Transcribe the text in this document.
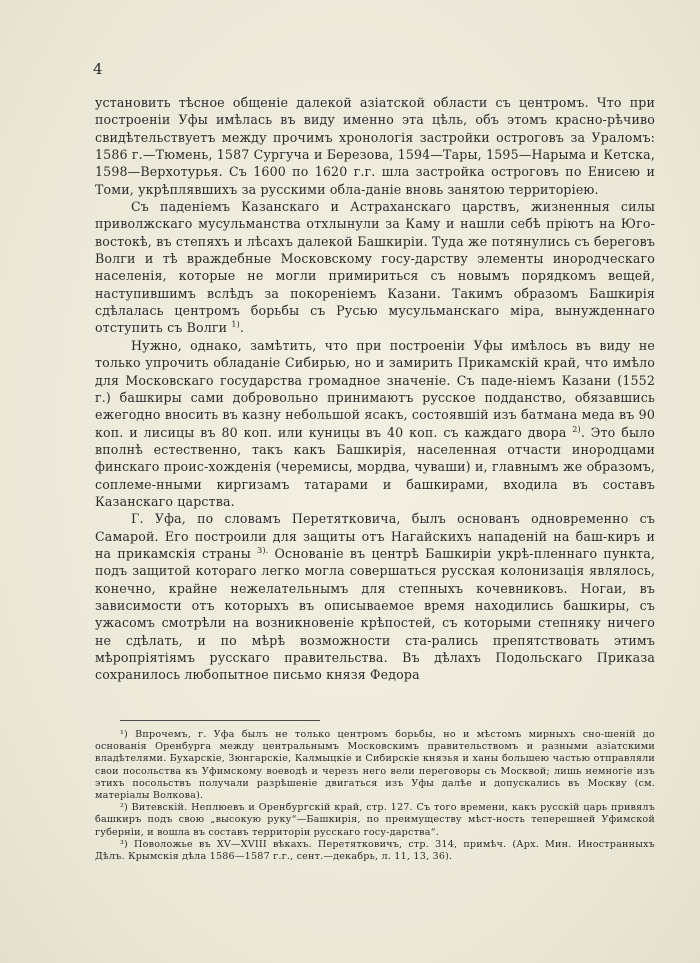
4

установить тѣсное общенiе далекой азiатской области съ центромъ. Что при построенiи Уфы имѣлась въ виду именно эта цѣль, объ этомъ красно-рѣчиво свидѣтельствуетъ между прочимъ хронологiя застройки остроговъ за Ураломъ: 1586 г.—Тюмень, 1587 Сургуча и Березова, 1594—Тары, 1595—Нарыма и Кетска, 1598—Верхотурья. Съ 1600 по 1620 г.г. шла застройка остроговъ по Енисею и Томи, укрѣплявшихъ за русскими обла-данiе вновь занятою территорiею.

Съ паденiемъ Казанскаго и Астраханскаго царствъ, жизненныя силы приволжскаго мусульманства отхлынули за Каму и нашли себѣ прiютъ на Юго-востокѣ, въ степяхъ и лѣсахъ далекой Башкирiи. Туда же потянулись съ береговъ Волги и тѣ враждебные Московскому госу-дарству элементы инородческаго населенiя, которые не могли примириться съ новымъ порядкомъ вещей, наступившимъ вслѣдъ за покоренiемъ Казани. Такимъ образомъ Башкирiя сдѣлалась центромъ борьбы съ Русью мусульманскаго мiра, вынужденнаго отступить съ Волги $^{1)}$.

Нужно, однако, замѣтить, что при построенiи Уфы имѣлось въ виду не только упрочить обладанiе Сибирью, но и замирить Прикамскiй край, что имѣло для Московскаго государства громадное значенiе. Съ паде-нiемъ Казани (1552 г.) башкиры сами добровольно принимаютъ русское подданство, обязавшись ежегодно вносить въ казну небольшой ясакъ, состоявшiй изъ батмана меда въ 90 коп. и лисицы въ 80 коп. или куницы въ 40 коп. съ каждаго двора $^{2)}$. Это было вполнѣ естественно, такъ какъ Башкирiя, населенная отчасти инородцами финскаго проис-хожденiя (черемисы, мордва, чуваши) и, главнымъ же образомъ, соплеме-нными киргизамъ татарами и башкирами, входила въ составъ Казанскаго царства.

Г. Уфа, по словамъ Перетятковича, былъ основанъ одновременно съ Самарой. Его построили для защиты отъ Нагайскихъ нападенiй на баш-киръ и на прикамскiя страны $^{3).}$ Основанiе въ центрѣ Башкирiи укрѣ-пленнаго пункта, подъ защитой котораго легко могла совершаться русская колонизацiя являлось, конечно, крайне нежелательнымъ для степныхъ кочевниковъ. Ногаи, въ зависимости отъ которыхъ въ описываемое время находились башкиры, съ ужасомъ смотрѣли на возникновенiе крѣпостей, съ которыми степняку ничего не сдѣлать, и по мѣрѣ возможности ста-рались препятствовать этимъ мѣропрiятiямъ русскаго правительства. Въ дѣлахъ Подольскаго Приказа сохранилось любопытное письмо князя Федора

¹) Впрочемъ, г. Уфа былъ не только центромъ борьбы, но и мѣстомъ мирныхъ сно-шенiй до основанiя Оренбурга между центральнымъ Московскимъ правительствомъ и разными азiатскими владѣтелями. Бухарскiе, Зюнгарскiе, Калмыцкiе и Сибирскiе князья и ханы большею частью отправляли свои посольства къ Уфимскому воеводѣ и черезъ него вели переговоры съ Москвой; лишь немногiе изъ этихъ посольствъ получали разрѣшенiе двигаться изъ Уфы далѣе и допускались въ Москву (см. матерiалы Волкова).

²) Витевскiй. Неплюевъ и Оренбургскiй край, стр. 127. Съ того времени, какъ русскiй царь привялъ башкиръ подъ свою „высокую руку“—Башкирiя, по преимуществу мѣст-ность теперешней Уфимской губернiи, и вошла въ составъ территорiи русскаго госу-дарства“.

³) Поволожье въ XV—XVIII вѣкахъ. Перетятковичъ, стр. 314, примѣч. (Арх. Мин. Иностранныхъ Дѣлъ. Крымскiя дѣла 1586—1587 г.г., сент.—декабрь, л. 11, 13, 36).
